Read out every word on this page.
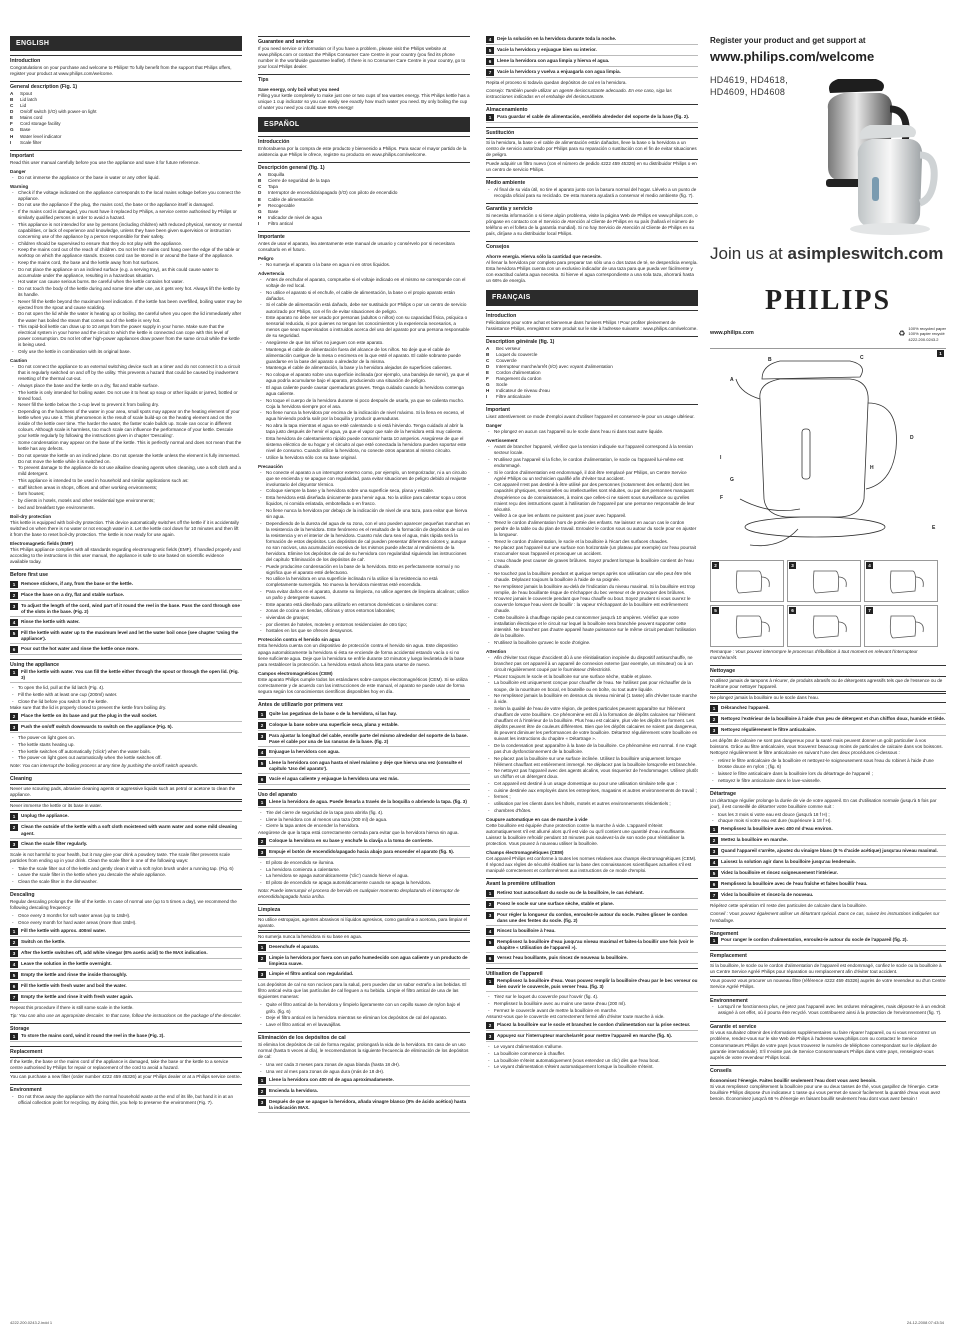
ENGLISH
Introduction
Congratulations on your purchase and welcome to Philips! To fully benefit from the support that Philips offers, register your product at www.philips.com/welcome.
General description (Fig. 1)
A	Spout
B	Lid latch
C	Lid
D	On/off switch (I/O) with power-on light
E	Mains cord
F	Cord storage facility
G	Base
H	Water level indicator
I	Scale filter
Important
Read this user manual carefully before you use the appliance and save it for future reference.
Danger
- Do not immerse the appliance or the base in water or any other liquid.
Warning
- Check if the voltage indicated on the appliance corresponds to the local mains voltage before you connect the appliance.
- Do not use the appliance if the plug, the mains cord, the base or the appliance itself is damaged.
- If the mains cord is damaged, you must have it replaced by Philips, a service centre authorised by Philips or similarly qualified persons in order to avoid a hazard.
- This appliance is not intended for use by persons (including children) with reduced physical, sensory or mental capabilities, or lack of experience and knowledge, unless they have been given supervision or instruction concerning use of the appliance by a person responsible for their safety.
- Children should be supervised to ensure that they do not play with the appliance.
- Keep the mains cord out of the reach of children. Do not let the mains cord hang over the edge of the table or worktop on which the appliance stands. Excess cord can be stored in or around the base of the appliance.
- Keep the mains cord, the base and the kettle away from hot surfaces.
- Do not place the appliance on an inclined surface (e.g. a serving tray), as this could cause water to accumulate under the appliance, resulting in a hazardous situation.
- Hot water can cause serious burns. Be careful when the kettle contains hot water.
- Do not touch the body of the kettle during and some time after use, as it gets very hot. Always lift the kettle by its handle.
- Never fill the kettle beyond the maximum level indication. If the kettle has been overfilled, boiling water may be ejected from the spout and cause scalding.
- Do not open the lid while the water is heating up or boiling. Be careful when you open the lid immediately after the water has boiled the steam that comes out of the kettle is very hot.
- This rapid-boil kettle can draw up to 10 amps from the power supply in your home. Make sure that the electrical system in your home and the circuit to which the kettle is connected can cope with this level of power consumption. Do not let other high-power appliances draw power from the same circuit while the kettle is being used.
- Only use the kettle in combination with its original base.
Caution
- Do not connect the appliance to an external switching device such as a timer and do not connect it to a circuit that is regularly switched on and off by the utility. This prevents a hazard that could be caused by inadvertent resetting of the thermal cut-out.
- Always place the base and the kettle on a dry, flat and stable surface.
- The kettle is only intended for boiling water. Do not use it to heat up soup or other liquids or jarred, bottled or tinned food.
- Never fill the kettle below the 1-cup level to prevent it from boiling dry.
- Depending on the hardness of the water in your area, small spots may appear on the heating element of your kettle when you use it. This phenomenon is the result of scale build-up on the heating element and on the inside of the kettle over time. The harder the water, the faster scale builds up. Scale can occur in different colours. Although scale is harmless, too much scale can influence the performance of your kettle. Descale your kettle regularly by following the instructions given in chapter 'Descaling'.
- Some condensation may appear on the base of the kettle. This is perfectly normal and does not mean that the kettle has any defects.
- Do not operate the kettle on an inclined plane. Do not operate the kettle unless the element is fully immersed. Do not move the kettle while it is switched on.
- To prevent damage to the appliance do not use alkaline cleaning agents when cleaning, use a soft cloth and a mild detergent.
- This appliance is intended to be used in household and similar applications such as:
- staff kitchen areas in shops, offices and other working environments;
- farm houses;
- by clients in hotels, motels and other residential type environments;
- bed and breakfast type environments.
Boil-dry protection
This kettle is equipped with boil-dry protection. This device automatically switches off the kettle if it is accidentally switched on when there is no water or not enough water in it. Let the kettle cool down for 10 minutes and then lift it from the base to reset boil-dry protection. The kettle is now ready for use again.
Electromagnetic fields (EMF)
This Philips appliance complies with all standards regarding electromagnetic fields (EMF). If handled properly and according to the instructions in this user manual, the appliance is safe to use based on scientific evidence available today.
Before first use
1	Remove stickers, if any, from the base or the kettle.
2	Place the base on a dry, flat and stable surface.
3	To adjust the length of the cord, wind part of it round the reel in the base. Pass the cord through one of the slots in the base. (Fig. 2)
4	Rinse the kettle with water.
5	Fill the kettle with water up to the maximum level and let the water boil once (see chapter 'Using the appliance').
6	Pour out the hot water and rinse the kettle once more.
Using the appliance
1	Fill the kettle with water. You can fill the kettle either through the spout or through the open lid. (Fig. 3)
- To open the lid, pull at the lid latch (Fig. 4).
- Fill the kettle with at least one cup (200ml) water.
- Close the lid before you switch on the kettle.
Make sure that the lid is properly closed to prevent the kettle from boiling dry.
2	Place the kettle on its base and put the plug in the wall socket.
3	Push the on/off switch downwards to switch on the appliance (Fig. 5).
- The power-on light goes on.
- The kettle starts heating up.
- The kettle switches off automatically ('click') when the water boils.
- The power-on light goes out automatically when the kettle switches off.
Note: You can interrupt the boiling process at any time by pushing the on/off switch upwards.
Cleaning
Never use scouring pads, abrasive cleaning agents or aggressive liquids such as petrol or acetone to clean the appliance.
Never immerse the kettle or its base in water.
1	Unplug the appliance.
2	Clean the outside of the kettle with a soft cloth moistened with warm water and some mild cleaning agent.
3	Clean the scale filter regularly.
Scale is not harmful to your health, but it may give your drink a powdery taste. The scale filter prevents scale particles from ending up in your drink. Clean the scale filter in one of the following ways:
- Take the scale filter out of the kettle and gently clean it with a soft nylon brush under a running tap. (Fig. 6)
- Leave the scale filter in the kettle when you descale the whole appliance.
- Clean the scale filter in the dishwasher.
Descaling
Regular descaling prolongs the life of the kettle. In case of normal use (up to 5 times a day), we recommend the following descaling frequency:
- Once every 3 months for soft water areas (up to 18dH).
- Once every month for hard water areas (more than 18dH).
1	Fill the kettle with approx. 400ml water.
2	Switch on the kettle.
3	After the kettle switches off, add white vinegar (8% acetic acid) to the MAX indication.
4	Leave the solution in the kettle overnight.
5	Empty the kettle and rinse the inside thoroughly.
6	Fill the kettle with fresh water and boil the water.
7	Empty the kettle and rinse it with fresh water again.
Repeat this procedure if there is still some scale in the kettle.
Tip: You can also use an appropriate descaler. In that case, follow the instructions on the package of the descaler.
Storage
1	To store the mains cord, wind it round the reel in the base (Fig. 2).
Replacement
If the kettle, the base or the mains cord of the appliance is damaged, take the base or the kettle to a service centre authorised by Philips for repair or replacement of the cord to avoid a hazard.
You can purchase a new filter (order number 4222 459 45326) at your Philips dealer or at a Philips service centre.
Environment
- Do not throw away the appliance with the normal household waste at the end of its life, but hand it in at an official collection point for recycling. By doing this, you help to preserve the environment (Fig. 7).
Guarantee and service
If you need service or information or if you have a problem, please visit the Philips website at www.philips.com or contact the Philips Consumer Care Centre in your country (you find its phone number in the worldwide guarantee leaflet). If there is no Consumer Care Centre in your country, go to your local Philips dealer.
Tips
Save energy, only boil what you need
Filling your kettle completely to make just one or two cups of tea wastes energy. This Philips kettle has a unique 1 cup indicator so you can easily see exactly how much water you need. By only boiling the cup of water you need you could save 66% energy!
ESPAÑOL
Introducción
Enhorabuena por la compra de este producto y bienvenido a Philips. Para sacar el mayor partido de la asistencia que Philips le ofrece, registre su producto en www.philips.com/welcome.
Descripción general (fig. 1)
A	Boquilla
B	Cierre de seguridad de la tapa
C	Tapa
D	Interruptor de encendido/apagado (I/O) con piloto de encendido
E	Cable de alimentación
F	Recogecable
G	Base
H	Indicador de nivel de agua
I	Filtro antical
Importante
Antes de usar el aparato, lea atentamente este manual de usuario y consérvelo por si necesitara consultarlo en el futuro.
Peligro
- No sumerja el aparato o la base en agua ni en otros líquidos.
Advertencia
- Antes de enchufar el aparato, compruebe si el voltaje indicado en el mismo se corresponde con el voltaje de red local.
- No utilice el aparato si el enchufe, el cable de alimentación, la base o el propio aparato están dañados.
- Si el cable de alimentación está dañado, debe ser sustituido por Philips o por un centro de servicio autorizado por Philips, con el fin de evitar situaciones de peligro.
- Este aparato no debe ser usado por personas (adultos o niños) con su capacidad física, psíquica o sensorial reducida, ni por quienes no tengan los conocimientos y la experiencia necesarios, a menos que sean supervisados o instruidos acerca del uso del aparato por una persona responsable de su seguridad.
- Asegúrese de que los niños no jueguen con este aparato.
- Mantenga el cable de alimentación fuera del alcance de los niños. No deje que el cable de alimentación cuelgue de la mesa o encimera en la que esté el aparato. El cable sobrante puede guardarse en la base del aparato o alrededor de la misma.
- Mantenga el cable de alimentación, la base y la hervidora alejados de superficies calientes.
- No coloque el aparato sobre una superficie inclinada (por ejemplo, una bandeja de servir), ya que el agua podría acumularse bajo el aparato, produciendo una situación de peligro.
- El agua caliente puede causar quemaduras graves. Tenga cuidado cuando la hervidora contenga agua caliente.
- No toque el cuerpo de la hervidora durante ni poco después de usarla, ya que se calienta mucho. Coja la hervidora siempre por el asa.
- No llene nunca la hervidora por encima de la indicación de nivel máximo. Si la llena en exceso, el agua hirviendo podría salir por la boquilla y producir quemaduras.
- No abra la tapa mientras el agua se esté calentando o si está hirviendo. Tenga cuidado al abrir la tapa justo después de hervir el agua, ya que el vapor que sale de la hervidora está muy caliente.
- Esta hervidora de calentamiento rápido puede consumir hasta 10 amperios. Asegúrese de que el sistema eléctrico de su hogar y el circuito al que esté conectada la hervidora pueden soportar este nivel de consumo. Cuando utilice la hervidora, no conecte otros aparatos al mismo circuito.
- Utilice la hervidora sólo con su base original.
Precaución
- No conecte el aparato a un interruptor externo como, por ejemplo, un temporizador, ni a un circuito que se encienda y se apague con regularidad, para evitar situaciones de peligro debido al reajuste involuntario del disyuntor térmico.
- Coloque siempre la base y la hervidora sobre una superficie seca, plana y estable.
- Esta hervidora está diseñada únicamente para hervir agua. No la utilice para calentar sopa u otros líquidos, ni comida enlatada, embotellada o en frasco.
- No llene nunca la hervidora por debajo de la indicación de nivel de una taza, para evitar que hierva sin agua.
- Dependiendo de la dureza del agua de su zona, con el uso pueden aparecer pequeñas manchas en la resistencia de la hervidora. Este fenómeno es el resultado de la formación de depósitos de cal en la resistencia y en el interior de la hervidora. Cuanto más dura sea el agua, más rápida será la formación de estos depósitos. Los depósitos de cal pueden presentar diferentes colores y, aunque no son nocivos, una acumulación excesiva de los mismos puede afectar al rendimiento de la hervidora. Elimine los depósitos de cal de su hervidora con regularidad siguiendo las instrucciones del capítulo 'Eliminación de los depósitos de cal'.
- Puede producirse condensación en la base de la hervidora. Esto es perfectamente normal y no significa que el aparato esté defectuoso.
- No utilice la hervidora en una superficie inclinada ni la utilice si la resistencia no está completamente sumergida. No mueva la hervidora mientras esté encendida.
- Para evitar daños en el aparato, durante su limpieza, no utilice agentes de limpieza alcalinos; utilice un paño y detergente suaves.
- Este aparato está diseñado para utilizarlo en entornos domésticos o similares como:
- zonas de cocina en tiendas, oficinas y otros entornos laborales;
- viviendas de granjas;
- por clientes de hoteles, moteles y entornos residenciales de otro tipo;
- hostales en los que se ofrecen desayunos.
Protección contra el hervido sin agua
Esta hervidora cuenta con un dispositivo de protección contra el hervido sin agua. Este dispositivo apaga automáticamente la hervidora si ésta se enciende de forma accidental estando vacía o si no tiene suficiente agua. Deje que la hervidora se enfríe durante 10 minutos y luego levántela de la base para restablecer la protección. La hervidora estará ahora lista para usarse de nuevo.
Campos electromagnéticos (CEM)
Este aparato Philips cumple todos los estándares sobre campos electromagnéticos (CEM). Si se utiliza correctamente y de acuerdo con las instrucciones de este manual, el aparato se puede usar de forma segura según los conocimientos científicos disponibles hoy en día.
Antes de utilizarlo por primera vez
1	Quite las pegatinas de la base o de la hervidora, si las hay.
2	Coloque la base sobre una superficie seca, plana y estable.
3	Para ajustar la longitud del cable, enrolle parte del mismo alrededor del soporte de la base. Pase el cable por una de las ranuras de la base. (fig. 2)
4	Enjuague la hervidora con agua.
5	Llene la hervidora con agua hasta el nivel máximo y deje que hierva una vez (consulte el capítulo 'Uso del aparato').
6	Vacíe el agua caliente y enjuague la hervidora una vez más.
Uso del aparato
1	Llene la hervidora de agua. Puede llenarla a través de la boquilla o abriendo la tapa. (fig. 3)
- Tire del cierre de seguridad de la tapa para abrirla (fig. 4).
- Llene la hervidora con al menos una taza (200 ml) de agua.
- Cierre la tapa antes de encender la hervidora.
Asegúrese de que la tapa está correctamente cerrada para evitar que la hervidora hierva sin agua.
2	Coloque la hervidora en su base y enchufe la clavija a la toma de corriente.
3	Empuje el botón de encendido/apagado hacia abajo para encender el aparato (fig. 5).
- El piloto de encendido se ilumina.
- La hervidora comienza a calentarse.
- La hervidora se apaga automáticamente ('clic') cuando hierve el agua.
- El piloto de encendido se apaga automáticamente cuando se apaga la hervidora.
Nota: Puede interrumpir el proceso de hervido en cualquier momento desplazando el interruptor de encendido/apagado hacia arriba.
Limpieza
No utilice estropajos, agentes abrasivos ni líquidos agresivos, como gasolina o acetona, para limpiar el aparato.
No sumerja nunca la hervidora ni su base en agua.
1	Desenchufe el aparato.
2	Limpie la hervidora por fuera con un paño humedecido con agua caliente y un producto de limpieza suave.
3	Limpie el filtro antical con regularidad.
Los depósitos de cal no son nocivos para la salud, pero pueden dar un sabor extraño a las bebidas. El filtro antical evita que las partículas de cal lleguen a su bebida. Limpie el filtro antical de una de las siguientes maneras:
- Quite el filtro antical de la hervidora y límpielo ligeramente con un cepillo suave de nylon bajo el grifo. (fig. 6)
- Deje el filtro antical en la hervidora mientras se eliminan los depósitos de cal del aparato.
- Lave el filtro antical en el lavavajillas.
Eliminación de los depósitos de cal
Si elimina los depósitos de cal de forma regular, prolongará la vida de la hervidora. En caso de un uso normal (hasta 5 veces al día), le recomendamos la siguiente frecuencia de eliminación de los depósitos de cal:
- Una vez cada 3 meses para zonas de agua blanda (hasta 18 dH).
- Una vez al mes para zonas de agua dura (más de 18 dH).
1	Llene la hervidora con 400 ml de agua aproximadamente.
2	Encienda la hervidora.
3	Después de que se apague la hervidora, añada vinagre blanco (8% de ácido acético) hasta la indicación MAX.
4	Deje la solución en la hervidora durante toda la noche.
5	Vacíe la hervidora y enjuague bien su interior.
6	Llene la hervidora con agua limpia y hierva el agua.
7	Vacíe la hervidora y vuelva a enjuagarla con agua limpia.
Repita el proceso si todavía quedan depósitos de cal en la hervidora.
Consejo: También puede utilizar un agente desincrustante adecuado. En ese caso, siga las instrucciones indicadas en el embalaje del desincrustante.
Almacenamiento
1	Para guardar el cable de alimentación, enróllelo alrededor del soporte de la base (fig. 2).
Sustitución
Si la hervidora, la base o el cable de alimentación están dañados, lleve la base o la hervidora a un centro de servicio autorizado por Philips para su reparación o sustitución con el fin de evitar situaciones de peligro.
Puede adquirir un filtro nuevo (con el número de pedido 4222 459 45326) en su distribuidor Philips o en un centro de servicio Philips.
Medio ambiente
- Al final de su vida útil, no tire el aparato junto con la basura normal del hogar. Llévelo a un punto de recogida oficial para su reciclado. De esta manera ayudará a conservar el medio ambiente (fig. 7).
Garantía y servicio
Si necesita información o si tiene algún problema, visite la página Web de Philips en www.philips.com, o póngase en contacto con el Servicio de Atención al Cliente de Philips en su país (hallará el número de teléfono en el folleto de la garantía mundial). Si no hay Servicio de Atención al Cliente de Philips en su país, diríjase a su distribuidor local Philips.
Consejos
Ahorre energía. Hierva sólo la cantidad que necesite.
Al llenar la hervidora por completo para preparar tan sólo una o dos tazas de té, se desperdicia energía. Esta hervidora Philips cuenta con un exclusivo indicador de una taza para que pueda ver fácilmente y con exactitud cuánta agua necesita. Si hierve el agua correspondiente a una sola taza, ahorrará hasta un 66% de energía.
FRANÇAIS
Introduction
Félicitations pour votre achat et bienvenue dans l'univers Philips ! Pour profiter pleinement de l'assistance Philips, enregistrez votre produit sur le site à l'adresse suivante : www.philips.com/welcome.
Description générale (fig. 1)
A	Bec verseur
B	Loquet du couvercle
C	Couvercle
D	Interrupteur marche/arrêt (I/O) avec voyant d'alimentation
E	Cordon d'alimentation
F	Rangement du cordon
G	Socle
H	Indicateur de niveau d'eau
I	Filtre anticalcaire
Important
Lisez attentivement ce mode d'emploi avant d'utiliser l'appareil et conservez-le pour un usage ultérieur.
Danger
- Ne plongez en aucun cas l'appareil ou le socle dans l'eau ni dans tout autre liquide.
Avertissement
- Avant de brancher l'appareil, vérifiez que la tension indiquée sur l'appareil correspond à la tension secteur locale.
- N'utilisez pas l'appareil si la fiche, le cordon d'alimentation, le socle ou l'appareil lui-même est endommagé.
- Si le cordon d'alimentation est endommagé, il doit être remplacé par Philips, un Centre Service Agréé Philips ou un technicien qualifié afin d'éviter tout accident.
- Cet appareil n'est pas destiné à être utilisé par des personnes (notamment des enfants) dont les capacités physiques, sensorielles ou intellectuelles sont réduites, ou par des personnes manquant d'expérience ou de connaissances, à moins que celles-ci ne soient sous surveillance ou qu'elles n'aient reçu des instructions quant à l'utilisation de l'appareil par une personne responsable de leur sécurité.
- Veillez à ce que les enfants ne puissent pas jouer avec l'appareil.
- Tenez le cordon d'alimentation hors de portée des enfants. Ne laissez en aucun cas le cordon pendre de la table ou du plan de travail. Enroulez le cordon sous ou autour du socle pour en ajuster la longueur.
- Tenez le cordon d'alimentation, le socle et la bouilloire à l'écart des surfaces chaudes.
- Ne placez pas l'appareil sur une surface non horizontale (un plateau par exemple) car l'eau pourrait s'accumuler sous l'appareil et provoquer un accident.
- L'eau chaude peut causer de graves brûlures. Soyez prudent lorsque la bouilloire contient de l'eau chaude.
- Ne touchez pas la bouilloire pendant et quelque temps après son utilisation car elle peut être très chaude. Déplacez toujours la bouilloire à l'aide de sa poignée.
- Ne remplissez jamais la bouilloire au-delà de l'indication du niveau maximal. Si la bouilloire est trop remplie, de l'eau bouillante risque de s'échapper du bec verseur et de provoquer des brûlures.
- N'ouvrez jamais le couvercle pendant que l'eau chauffe ou bout. Soyez prudent si vous ouvrez le couvercle lorsque l'eau vient de bouillir : la vapeur s'échappant de la bouilloire est extrêmement chaude.
- Cette bouilloire à chauffage rapide peut consommer jusqu'à 10 ampères. Vérifiez que votre installation électrique et le circuit sur lequel la bouilloire sera branchée peuvent supporter cette intensité. Ne branchez pas d'autre appareil haute puissance sur le même circuit pendant l'utilisation de la bouilloire.
- N'utilisez la bouilloire qu'avec le socle d'origine.
Attention
- Afin d'éviter tout risque d'accident dû à une réinitialisation inopinée du dispositif antisurchauffe, ne branchez pas cet appareil à un appareil de connexion externe (par exemple, un minuteur) ou à un circuit régulièrement coupé par le fournisseur d'électricité.
- Placez toujours le socle et la bouilloire sur une surface sèche, stable et plane.
- La bouilloire est uniquement conçue pour chauffer de l'eau. Ne l'utilisez pas pour réchauffer de la soupe, de la nourriture en bocal, en bouteille ou en boîte, ou tout autre liquide.
- Ne remplissez jamais la bouilloire en dessous du niveau minimal (1 tasse) afin d'éviter toute marche à vide.
- Selon la qualité de l'eau de votre région, de petites particules peuvent apparaître sur l'élément chauffant de votre bouilloire. Ce phénomène est dû à la formation de dépôts calcaires sur l'élément chauffant et à l'intérieur de la bouilloire. Plus l'eau est calcaire, plus vite les dépôts se forment. Les dépôts peuvent être de couleurs différentes. Bien que les dépôts calcaires ne soient pas dangereux, ils peuvent diminuer les performances de votre bouilloire. Détartrez régulièrement votre bouilloire en suivant les instructions du chapitre « Détartrage ».
- De la condensation peut apparaître à la base de la bouilloire. Ce phénomène est normal. Il ne s'agit pas d'un dysfonctionnement de la bouilloire.
- Ne placez pas la bouilloire sur une surface inclinée. Utilisez la bouilloire uniquement lorsque l'élément chauffant est entièrement immergé. Ne déplacez pas la bouilloire lorsqu'elle est branchée.
- Ne nettoyez pas l'appareil avec des agents alcalins, vous risqueriez de l'endommager. Utilisez plutôt un chiffon et un détergent doux.
- Cet appareil est destiné à un usage domestique ou pour une utilisation similaire telle que :
- cuisine destinée aux employés dans les entreprises, magasins et autres environnements de travail ;
- fermes ;
- utilisation par les clients dans les hôtels, motels et autres environnements résidentiels ;
- chambres d'hôtes.
Coupure automatique en cas de marche à vide
Cette bouilloire est équipée d'une protection contre la marche à vide. L'appareil s'éteint automatiquement s'il est allumé alors qu'il est vide ou qu'il contient une quantité d'eau insuffisante. Laissez la bouilloire refroidir pendant 10 minutes puis soulevez-la de son socle pour réinitialiser la protection. Vous pouvez à nouveau utiliser la bouilloire.
Champs électromagnétiques (CEM)
Cet appareil Philips est conforme à toutes les normes relatives aux champs électromagnétiques (CEM). Il répond aux règles de sécurité établies sur la base des connaissances scientifiques actuelles s'il est manipulé correctement et conformément aux instructions de ce mode d'emploi.
Avant la première utilisation
1	Retirez tout autocollant du socle ou de la bouilloire, le cas échéant.
2	Posez le socle sur une surface sèche, stable et plane.
3	Pour régler la longueur du cordon, enroulez-le autour du socle. Faites glisser le cordon dans une des fentes du socle. (fig. 2)
4	Rincez la bouilloire à l'eau.
5	Remplissez la bouilloire d'eau jusqu'au niveau maximal et faites-la bouillir une fois (voir le chapitre « Utilisation de l'appareil »).
6	Versez l'eau bouillante, puis rincez de nouveau la bouilloire.
Utilisation de l'appareil
1	Remplissez la bouilloire d'eau. Vous pouvez remplir la bouilloire d'eau par le bec verseur ou bien ouvrir le couvercle, puis verser l'eau. (fig. 3)
- Tirez sur le loquet du couvercle pour l'ouvrir (fig. 4).
- Remplissez la bouilloire avec au moins une tasse d'eau (200 ml).
- Fermez le couvercle avant de mettre la bouilloire en marche.
Assurez-vous que le couvercle est correctement fermé afin d'éviter toute marche à vide.
2	Placez la bouilloire sur le socle et branchez le cordon d'alimentation sur la prise secteur.
3	Appuyez sur l'interrupteur marche/arrêt pour mettre l'appareil en marche (fig. 5).
- Le voyant d'alimentation s'allume.
- La bouilloire commence à chauffer.
- La bouilloire s'éteint automatiquement (vous entendez un clic) dès que l'eau bout.
- Le voyant d'alimentation s'éteint automatiquement lorsque la bouilloire s'éteint.
Register your product and get support at
www.philips.com/welcome
HD4619, HD4618, HD4609, HD4608
Join us at asimpleswitch.com
PHILIPS
www.philips.com	♻
100% recycled paper
100% papier recyclé
4222.200.0243.2
1
A
B	C
D
E
F
G
H
I
2	3	4
5	6	7
Remarque : Vous pouvez interrompre le processus d'ébullition à tout moment en relevant l'interrupteur marche/arrêt.
Nettoyage
N'utilisez jamais de tampons à récurer, de produits abrasifs ou de détergents agressifs tels que de l'essence ou de l'acétone pour nettoyer l'appareil.
Ne plongez jamais la bouilloire ou le socle dans l'eau.
1	Débranchez l'appareil.
2	Nettoyez l'extérieur de la bouilloire à l'aide d'un peu de détergent et d'un chiffon doux, humide et tiède.
3	Nettoyez régulièrement le filtre anticalcaire.
Les dépôts de calcaire ne sont pas dangereux pour la santé mais peuvent donner un goût particulier à vos boissons. Grâce au filtre anticalcaire, vous trouverez beaucoup moins de particules de calcaire dans vos boissons. Nettoyez régulièrement le filtre anticalcaire en suivant l'une des deux procédures ci-dessous :
- retirez le filtre anticalcaire de la bouilloire et nettoyez-le soigneusement sous l'eau du robinet à l'aide d'une brosse douce en nylon ; (fig. 6)
- laissez le filtre anticalcaire dans la bouilloire lors du détartrage de l'appareil ;
- nettoyez le filtre anticalcaire dans le lave-vaisselle.
Détartrage
Un détartrage régulier prolonge la durée de vie de votre appareil. En cas d'utilisation normale (jusqu'à 5 fois par jour), il est conseillé de détartrer votre bouilloire comme suit :
- tous les 3 mois si votre eau est douce (jusqu'à 18 f H) ;
- chaque mois si votre eau est dure (supérieure à 18 f H).
1	Remplissez la bouilloire avec 400 ml d'eau environ.
2	Mettez la bouilloire en marche.
3	Quand l'appareil s'arrête, ajoutez du vinaigre blanc (8 % d'acide acétique) jusqu'au niveau maximal.
4	Laissez la solution agir dans la bouilloire jusqu'au lendemain.
5	Videz la bouilloire et rincez soigneusement l'intérieur.
6	Remplissez la bouilloire avec de l'eau fraîche et faites bouillir l'eau.
7	Videz la bouilloire et rincez-la de nouveau.
Répétez cette opération s'il reste des particules de calcaire dans la bouilloire.
Conseil : Vous pouvez également utiliser un détartrant spécial. Dans ce cas, suivez les instructions indiquées sur l'emballage.
Rangement
1	Pour ranger le cordon d'alimentation, enroulez-le autour du socle de l'appareil (fig. 2).
Remplacement
Si la bouilloire, le socle ou le cordon d'alimentation de l'appareil est endommagé, confiez le socle ou la bouilloire à un Centre Service Agréé Philips pour réparation ou remplacement afin d'éviter tout accident.
Vous pouvez vous procurer un nouveau filtre (référence 4222 459 45326) auprès de votre revendeur ou d'un Centre Service Agréé Philips.
Environnement
- Lorsqu'il ne fonctionnera plus, ne jetez pas l'appareil avec les ordures ménagères, mais déposez-le à un endroit assigné à cet effet, où il pourra être recyclé. Vous contribuerez ainsi à la protection de l'environnement (fig. 7).
Garantie et service
Si vous souhaitez obtenir des informations supplémentaires ou faire réparer l'appareil, ou si vous rencontrez un problème, rendez-vous sur le site Web de Philips à l'adresse www.philips.com ou contactez le Service Consommateurs Philips de votre pays (vous trouverez le numéro de téléphone correspondant sur le dépliant de garantie internationale). S'il n'existe pas de Service Consommateurs Philips dans votre pays, renseignez-vous auprès de votre revendeur Philips local.
Conseils
Économisez l'énergie. Faites bouillir seulement l'eau dont vous avez besoin.
Si vous remplissez complètement la bouilloire pour une ou deux tasses de thé, vous gaspillez de l'énergie. Cette bouilloire Philips dispose d'un indicateur 1 tasse qui vous permet de savoir facilement la quantité d'eau vous avez besoin. Économisez jusqu'à 66 % d'énergie en faisant bouillir seulement l'eau dont vous avez besoin !
4222.200.0243.2.indd 1	24-12-2008 07:43:34
